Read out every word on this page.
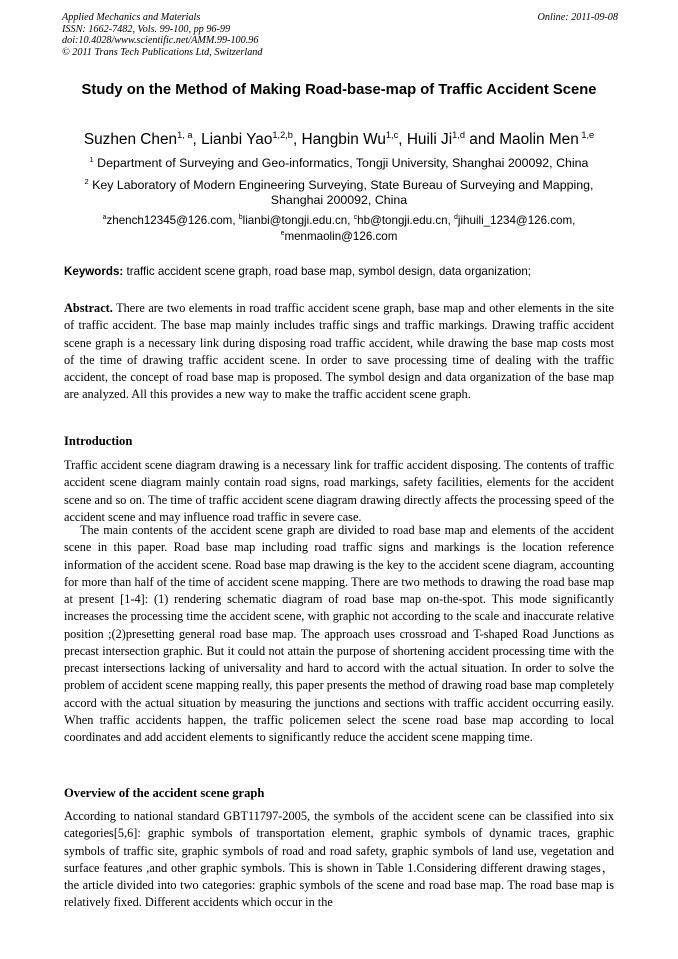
Applied Mechanics and Materials
ISSN: 1662-7482, Vols. 99-100, pp 96-99
doi:10.4028/www.scientific.net/AMM.99-100.96
© 2011 Trans Tech Publications Ltd, Switzerland
Online: 2011-09-08
Study on the Method of Making Road-base-map of Traffic Accident Scene
Suzhen Chen$^{1, a}$, Lianbi Yao$^{1,2,b}$, Hangbin Wu$^{1,c}$, Huili Ji$^{1,d}$ and Maolin Men $^{1,e}$
$^1$ Department of Surveying and Geo-informatics, Tongji University, Shanghai 200092, China
$^2$ Key Laboratory of Modern Engineering Surveying, State Bureau of Surveying and Mapping, Shanghai 200092, China
$^a$zhench12345@126.com, $^b$lianbi@tongji.edu.cn, $^c$hb@tongji.edu.cn, $^d$jihuili_1234@126.com,
$^e$menmaolin@126.com
Keywords: traffic accident scene graph, road base map, symbol design, data organization;

Abstract. There are two elements in road traffic accident scene graph, base map and other elements in the site of traffic accident. The base map mainly includes traffic sings and traffic markings. Drawing traffic accident scene graph is a necessary link during disposing road traffic accident, while drawing the base map costs most of the time of drawing traffic accident scene. In order to save processing time of dealing with the traffic accident, the concept of road base map is proposed. The symbol design and data organization of the base map are analyzed. All this provides a new way to make the traffic accident scene graph.

Introduction

Traffic accident scene diagram drawing is a necessary link for traffic accident disposing. The contents of traffic accident scene diagram mainly contain road signs, road markings, safety facilities, elements for the accident scene and so on. The time of traffic accident scene diagram drawing directly affects the processing speed of the accident scene and may influence road traffic in severe case.

The main contents of the accident scene graph are divided to road base map and elements of the accident scene in this paper. Road base map including road traffic signs and markings is the location reference information of the accident scene. Road base map drawing is the key to the accident scene diagram, accounting for more than half of the time of accident scene mapping. There are two methods to drawing the road base map at present [1-4]: (1) rendering schematic diagram of road base map on-the-spot. This mode significantly increases the processing time the accident scene, with graphic not according to the scale and inaccurate relative position ;(2)presetting general road base map. The approach uses crossroad and T-shaped Road Junctions as precast intersection graphic. But it could not attain the purpose of shortening accident processing time with the precast intersections lacking of universality and hard to accord with the actual situation. In order to solve the problem of accident scene mapping really, this paper presents the method of drawing road base map completely accord with the actual situation by measuring the junctions and sections with traffic accident occurring easily. When traffic accidents happen, the traffic policemen select the scene road base map according to local coordinates and add accident elements to significantly reduce the accident scene mapping time.

Overview of the accident scene graph

According to national standard GBT11797-2005, the symbols of the accident scene can be classified into six categories[5,6]: graphic symbols of transportation element, graphic symbols of dynamic traces, graphic symbols of traffic site, graphic symbols of road and road safety, graphic symbols of land use, vegetation and surface features ,and other graphic symbols. This is shown in Table 1.Considering different drawing stages，the article divided into two categories: graphic symbols of the scene and road base map. The road base map is relatively fixed. Different accidents which occur in the
